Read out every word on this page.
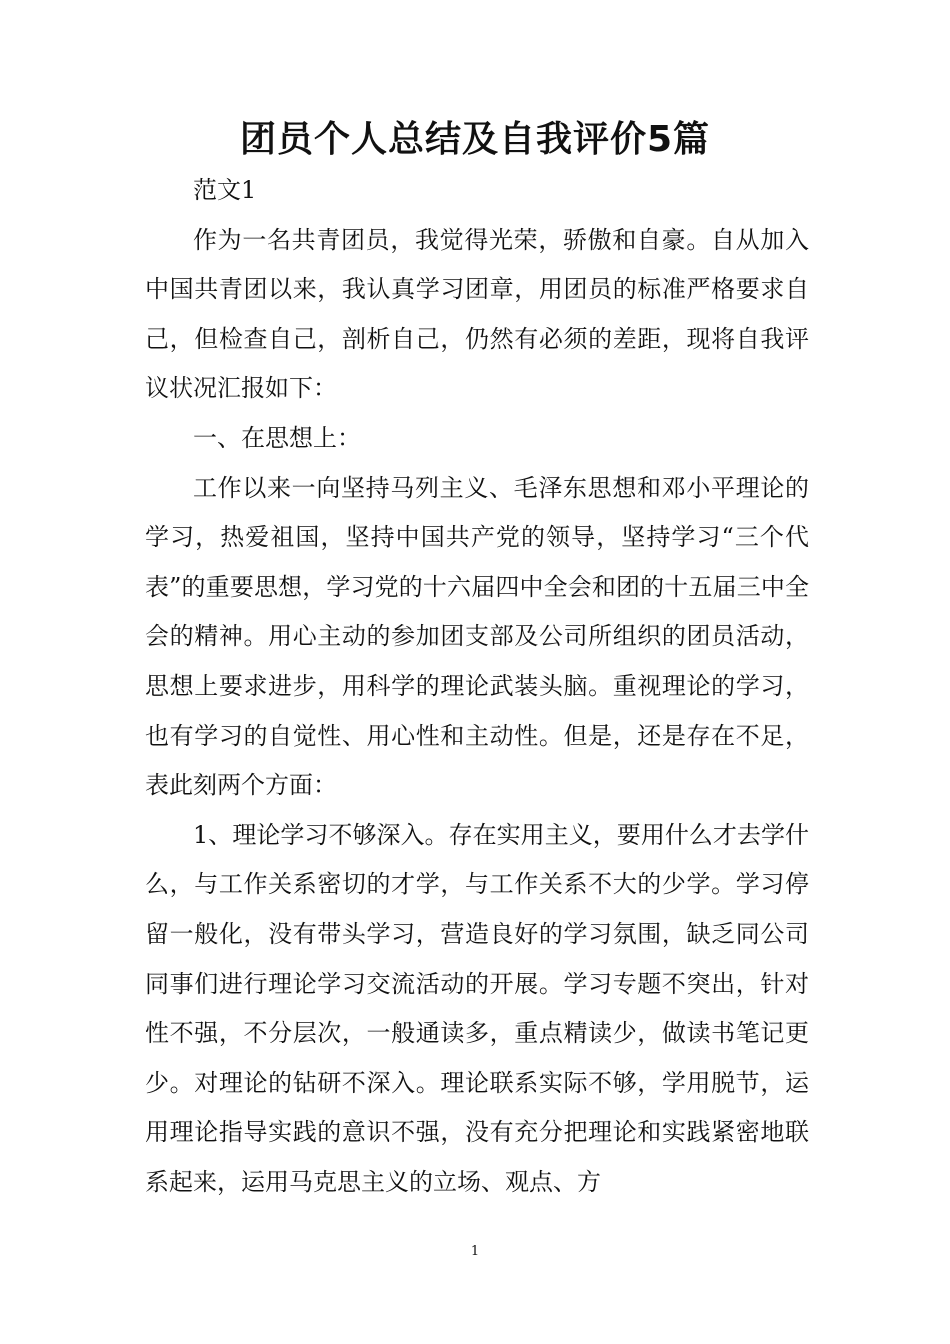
团员个人总结及自我评价5篇

范文1

作为一名共青团员，我觉得光荣，骄傲和自豪。自从加入中国共青团以来，我认真学习团章，用团员的标准严格要求自己，但检查自己，剖析自己，仍然有必须的差距，现将自我评议状况汇报如下：

一、在思想上：

工作以来一向坚持马列主义、毛泽东思想和邓小平理论的学习，热爱祖国，坚持中国共产党的领导，坚持学习“三个代表”的重要思想，学习党的十六届四中全会和团的十五届三中全会的精神。用心主动的参加团支部及公司所组织的团员活动，思想上要求进步，用科学的理论武装头脑。重视理论的学习，也有学习的自觉性、用心性和主动性。但是，还是存在不足，表此刻两个方面：

1、理论学习不够深入。存在实用主义，要用什么才去学什么，与工作关系密切的才学，与工作关系不大的少学。学习停留一般化，没有带头学习，营造良好的学习氛围，缺乏同公司同事们进行理论学习交流活动的开展。学习专题不突出，针对性不强，不分层次，一般通读多，重点精读少，做读书笔记更少。对理论的钻研不深入。理论联系实际不够，学用脱节，运用理论指导实践的意识不强，没有充分把理论和实践紧密地联系起来，运用马克思主义的立场、观点、方

1
